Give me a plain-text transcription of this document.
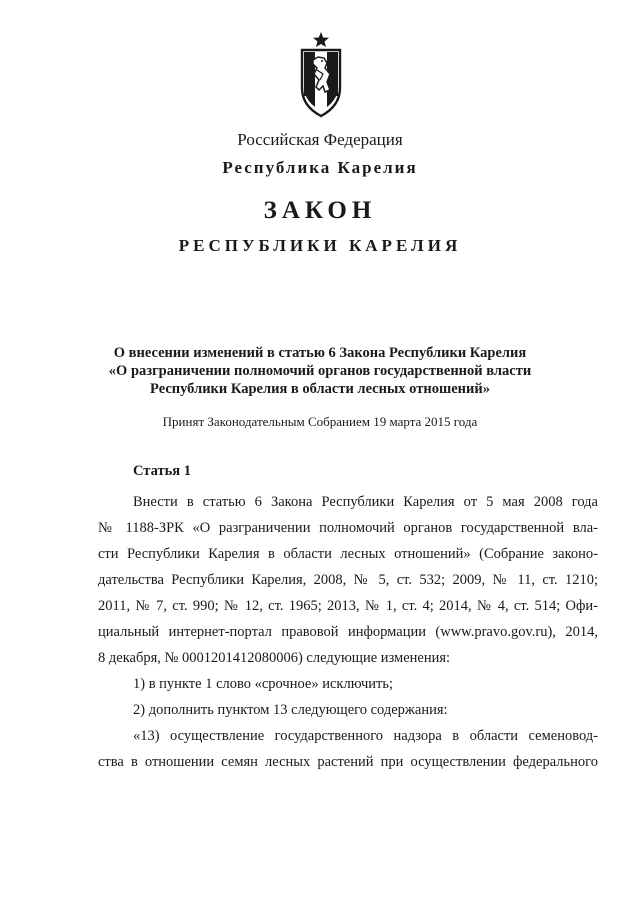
Российская Федерация
Республика Карелия
ЗАКОН
РЕСПУБЛИКИ КАРЕЛИЯ
О внесении изменений в статью 6 Закона Республики Карелия
«О разграничении полномочий органов государственной власти
Республики Карелия в области лесных отношений»
Принят Законодательным Собранием 19 марта 2015 года
Статья 1
Внести в статью 6 Закона Республики Карелия от 5 мая 2008 года
№ 1188-ЗРК «О разграничении полномочий органов государственной вла-
сти Республики Карелия в области лесных отношений» (Собрание законо-
дательства Республики Карелия, 2008, № 5, ст. 532; 2009, № 11, ст. 1210;
2011, № 7, ст. 990; № 12, ст. 1965; 2013, № 1, ст. 4; 2014, № 4, ст. 514; Офи-
циальный интернет-портал правовой информации (www.pravo.gov.ru), 2014,
8 декабря, № 0001201412080006) следующие изменения:
1) в пункте 1 слово «срочное» исключить;
2) дополнить пунктом 13 следующего содержания:
«13) осуществление государственного надзора в области семеновод-
ства в отношении семян лесных растений при осуществлении федерального
